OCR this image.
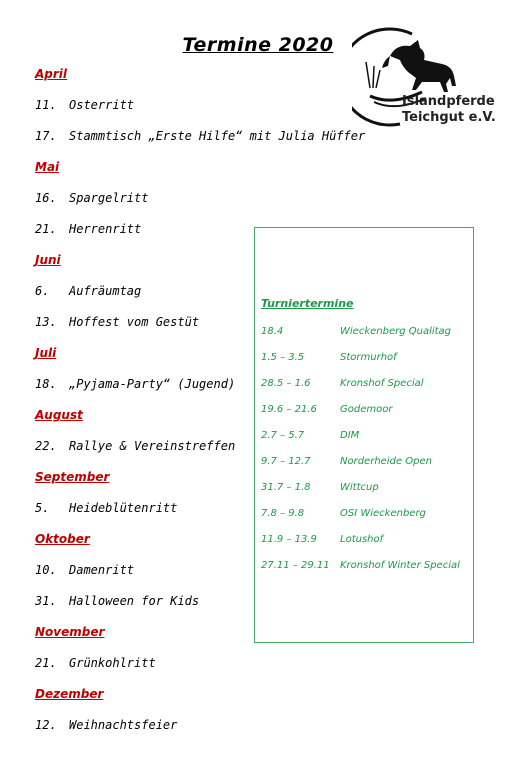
Termine 2020
Islandpferde
Teichgut e.V.
April
11. Osterritt
17. Stammtisch „Erste Hilfe“ mit Julia Hüffer
Mai
16. Spargelritt
21. Herrenritt
Juni
6. Aufräumtag
13. Hoffest vom Gestüt
Juli
18. „Pyjama-Party“ (Jugend)
August
22. Rallye & Vereinstreffen
September
5. Heideblütenritt
Oktober
10. Damenritt
31. Halloween for Kids
November
21. Grünkohlritt
Dezember
12. Weihnachtsfeier
Turniertermine
18.4	Wieckenberg Qualitag
1.5 – 3.5	Stormurhof
28.5 – 1.6	Kronshof Special
19.6 – 21.6 Godemoor
2.7 – 5.7	DIM
9.7 – 12.7	Norderheide Open
31.7 – 1.8	Wittcup
7.8 – 9.8	OSI Wieckenberg
11.9 – 13.9 Lotushof
27.11 – 29.11 Kronshof Winter Special
